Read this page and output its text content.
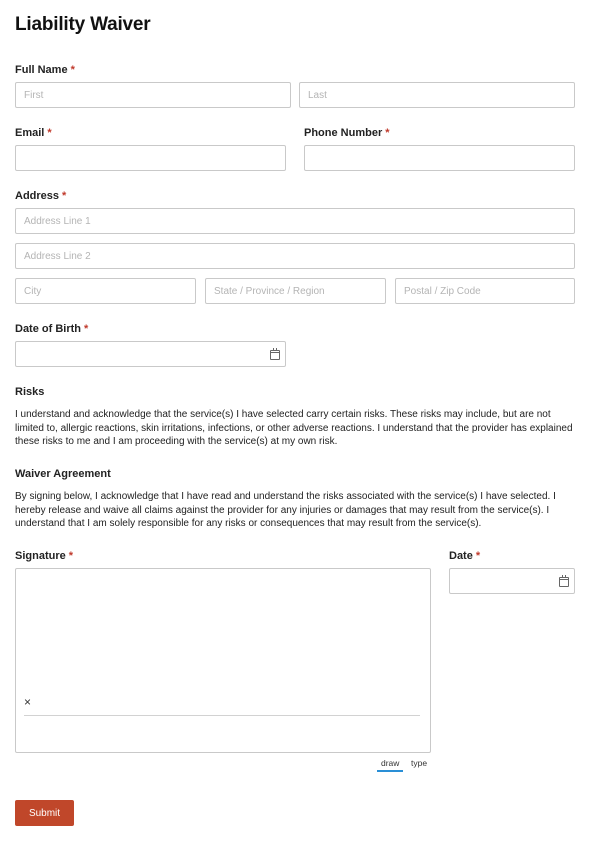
Liability Waiver
Full Name *
First
Last
Email *	Phone Number *
Address *
Address Line 1
Address Line 2
City
State / Province / Region
Postal / Zip Code
Date of Birth *
Risks
I understand and acknowledge that the service(s) I have selected carry certain risks. These risks may include, but are not limited to, allergic reactions, skin irritations, infections, or other adverse reactions. I understand that the provider has explained these risks to me and I am proceeding with the service(s) at my own risk.
Waiver Agreement
By signing below, I acknowledge that I have read and understand the risks associated with the service(s) I have selected. I hereby release and waive all claims against the provider for any injuries or damages that may result from the service(s). I understand that I am solely responsible for any risks or consequences that may result from the service(s).
Signature *
×
draw type
Date *
Submit
